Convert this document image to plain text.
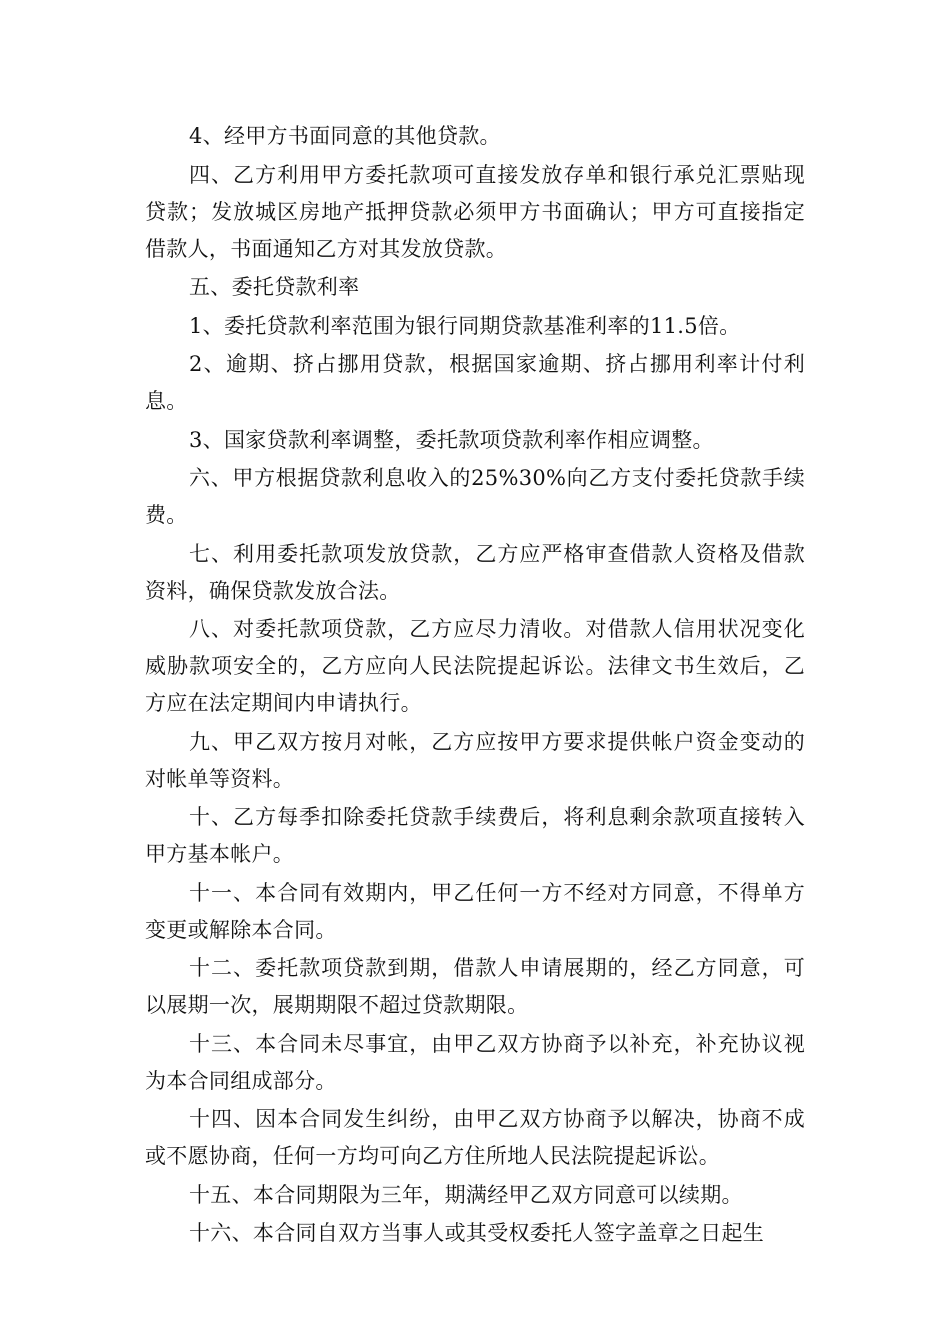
4、经甲方书面同意的其他贷款。

四、乙方利用甲方委托款项可直接发放存单和银行承兑汇票贴现贷款；发放城区房地产抵押贷款必须甲方书面确认；甲方可直接指定借款人，书面通知乙方对其发放贷款。

五、委托贷款利率

1、委托贷款利率范围为银行同期贷款基准利率的11.5倍。

2、逾期、挤占挪用贷款，根据国家逾期、挤占挪用利率计付利息。

3、国家贷款利率调整，委托款项贷款利率作相应调整。

六、甲方根据贷款利息收入的25%30%向乙方支付委托贷款手续费。

七、利用委托款项发放贷款，乙方应严格审查借款人资格及借款资料，确保贷款发放合法。

八、对委托款项贷款，乙方应尽力清收。对借款人信用状况变化威胁款项安全的，乙方应向人民法院提起诉讼。法律文书生效后，乙方应在法定期间内申请执行。

九、甲乙双方按月对帐，乙方应按甲方要求提供帐户资金变动的对帐单等资料。

十、乙方每季扣除委托贷款手续费后，将利息剩余款项直接转入甲方基本帐户。

十一、本合同有效期内，甲乙任何一方不经对方同意，不得单方变更或解除本合同。

十二、委托款项贷款到期，借款人申请展期的，经乙方同意，可以展期一次，展期期限不超过贷款期限。

十三、本合同未尽事宜，由甲乙双方协商予以补充，补充协议视为本合同组成部分。

十四、因本合同发生纠纷，由甲乙双方协商予以解决，协商不成或不愿协商，任何一方均可向乙方住所地人民法院提起诉讼。

十五、本合同期限为三年，期满经甲乙双方同意可以续期。

十六、本合同自双方当事人或其受权委托人签字盖章之日起生
